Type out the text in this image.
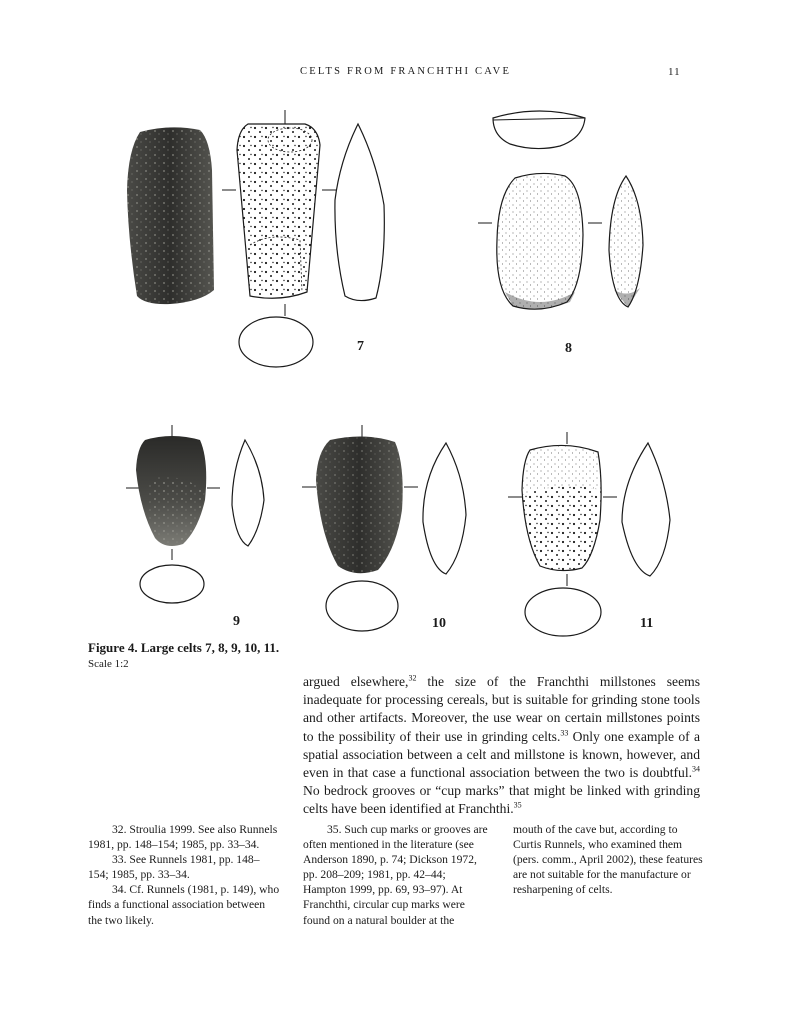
CELTS FROM FRANCHTHI CAVE	11
7	8
9	10	11
Figure 4. Large celts 7, 8, 9, 10, 11.
Scale 1:2

argued elsewhere,$^{32}$ the size of the Franchthi millstones seems inadequate for processing cereals, but is suitable for grinding stone tools and other artifacts. Moreover, the use wear on certain millstones points to the possibility of their use in grinding celts.$^{33}$ Only one example of a spatial association between a celt and millstone is known, however, and even in that case a functional association between the two is doubtful.$^{34}$ No bedrock grooves or “cup marks” that might be linked with grinding celts have been identified at Franchthi.$^{35}$

32. Stroulia 1999. See also Runnels 1981, pp. 148–154; 1985, pp. 33–34.

33. See Runnels 1981, pp. 148–154; 1985, pp. 33–34.

34. Cf. Runnels (1981, p. 149), who finds a functional association between the two likely.

35. Such cup marks or grooves are often mentioned in the literature (see Anderson 1890, p. 74; Dickson 1972, pp. 208–209; 1981, pp. 42–44; Hampton 1999, pp. 69, 93–97). At Franchthi, circular cup marks were found on a natural boulder at the

mouth of the cave but, according to Curtis Runnels, who examined them (pers. comm., April 2002), these features are not suitable for the manufacture or resharpening of celts.
